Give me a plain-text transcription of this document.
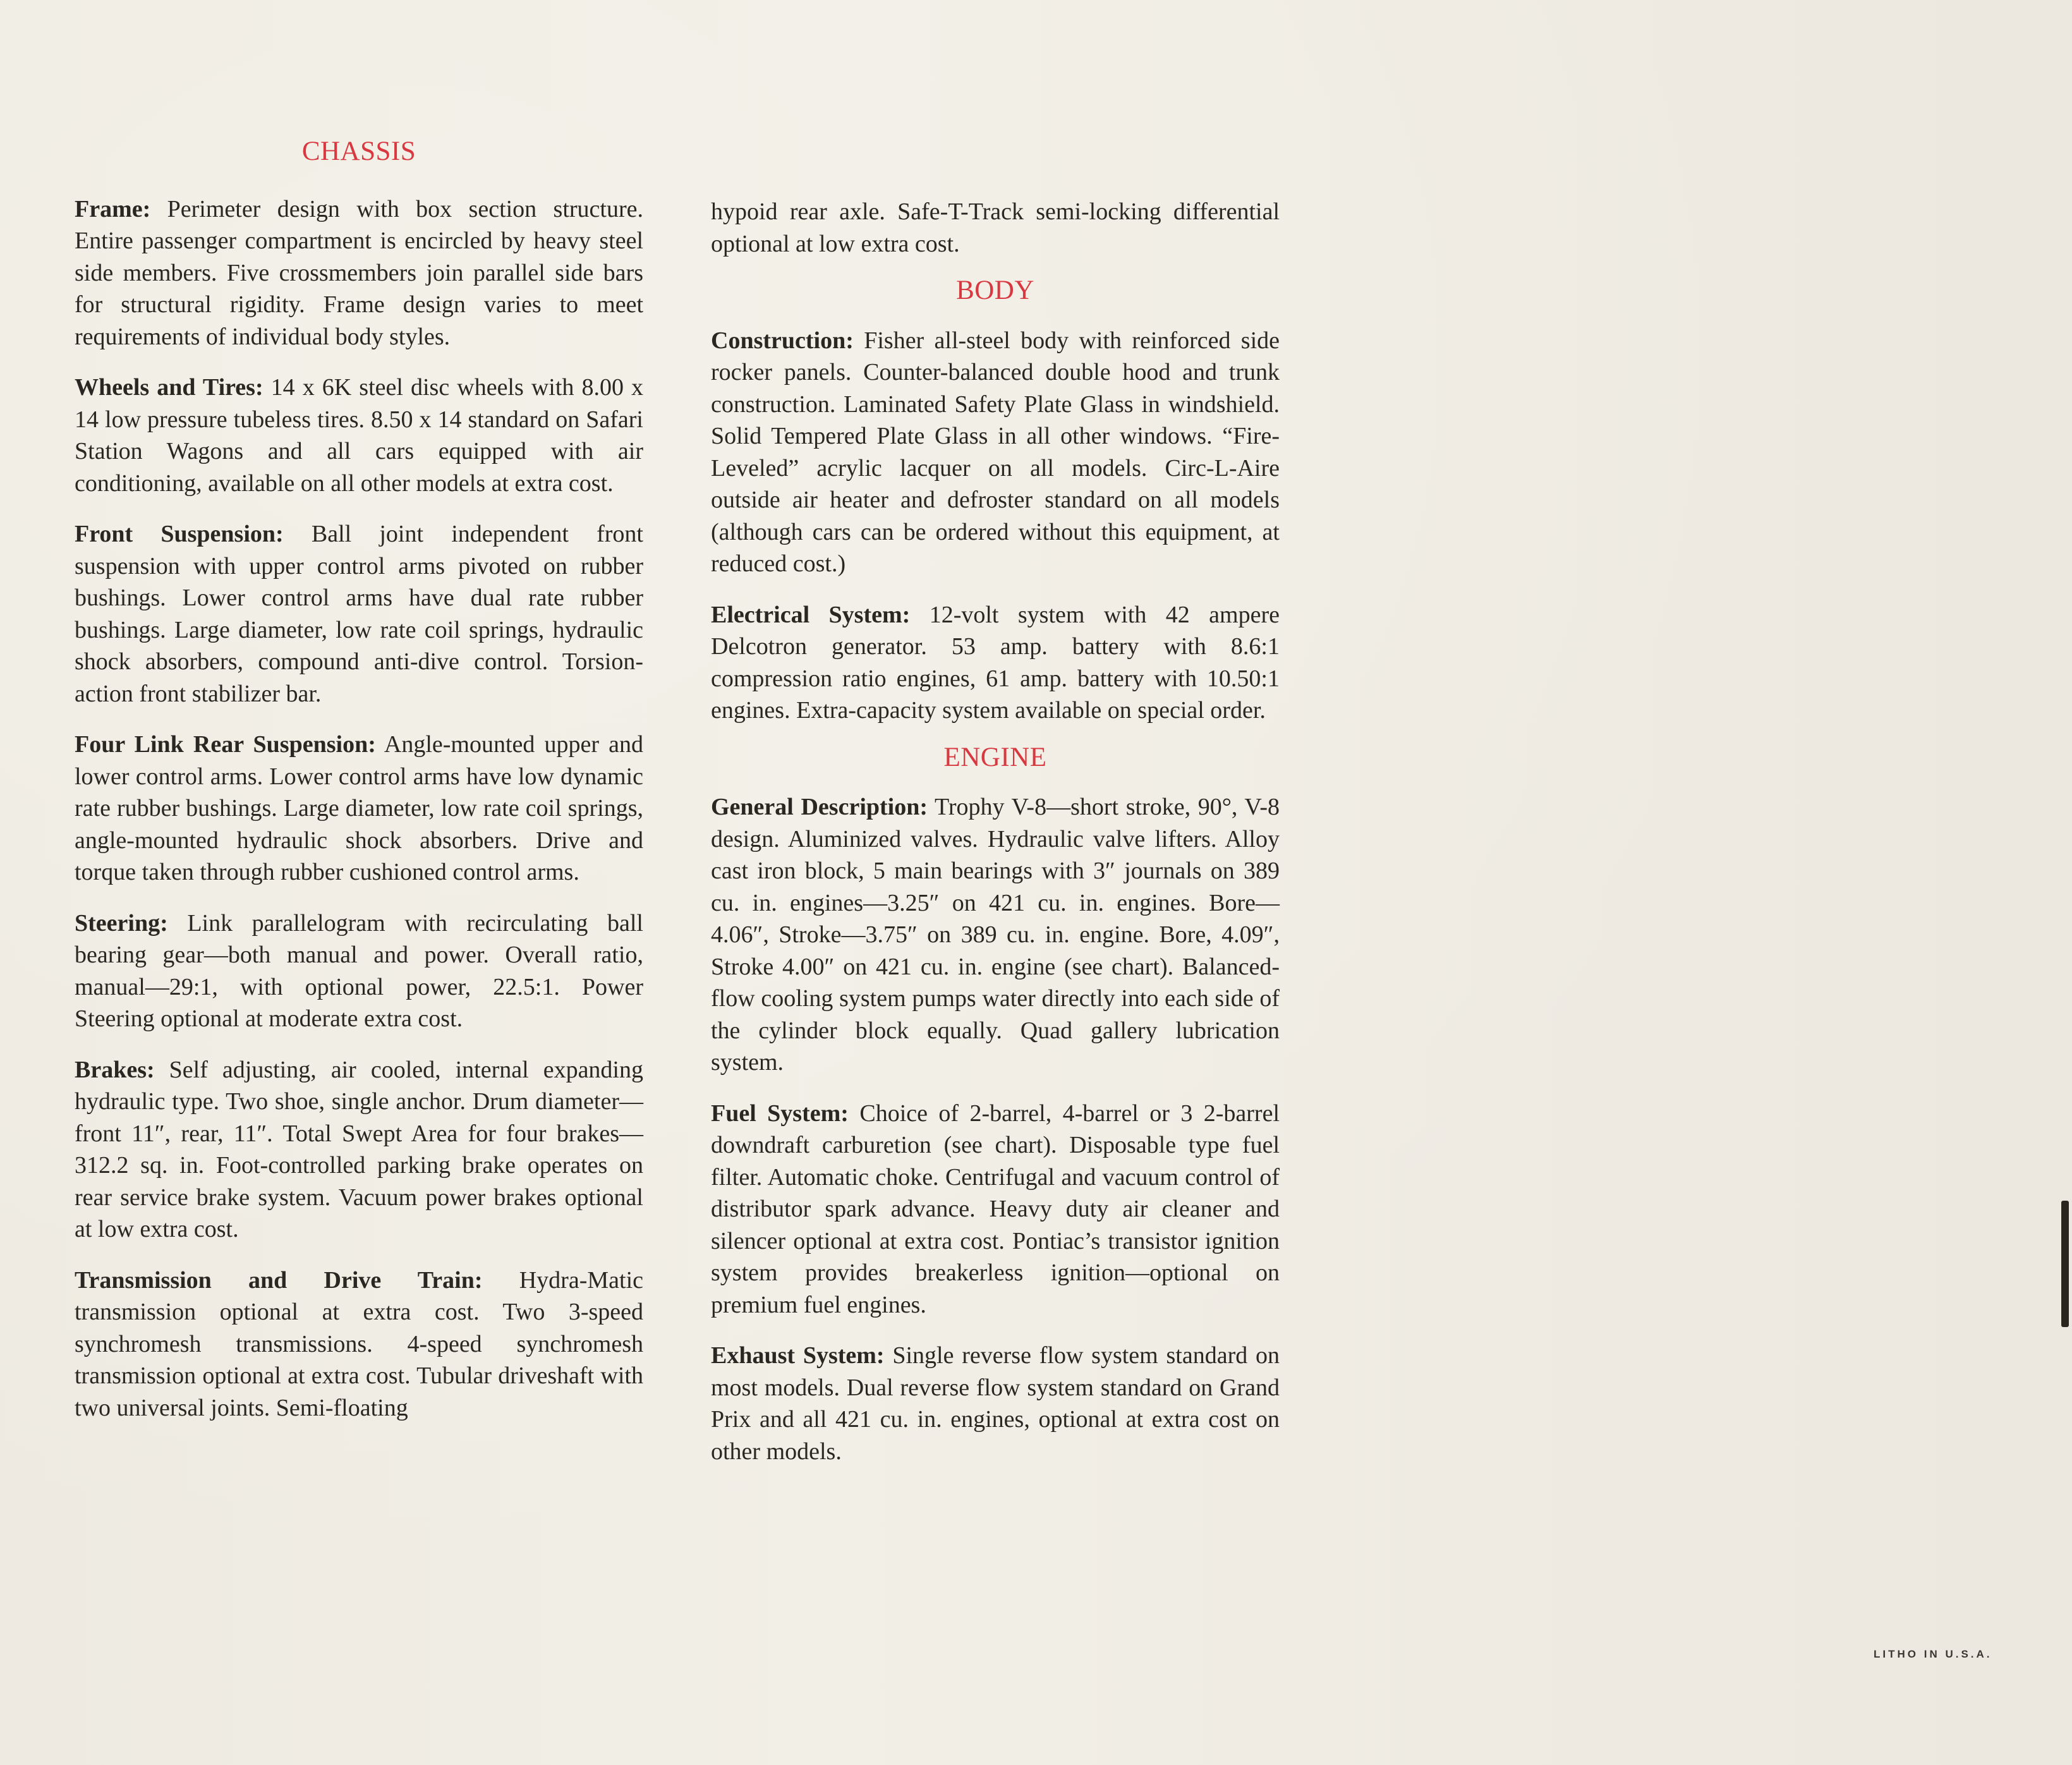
CHASSIS

Frame: Perimeter design with box section structure. Entire passenger compartment is encircled by heavy steel side members. Five crossmembers join parallel side bars for structural rigidity. Frame design varies to meet requirements of individual body styles.

Wheels and Tires: 14 x 6K steel disc wheels with 8.00 x 14 low pressure tubeless tires. 8.50 x 14 standard on Safari Station Wagons and all cars equipped with air conditioning, available on all other models at extra cost.

Front Suspension: Ball joint independent front suspension with upper control arms pivoted on rubber bushings. Lower control arms have dual rate rubber bushings. Large diameter, low rate coil springs, hydraulic shock absorbers, compound anti-dive control. Torsion-action front stabilizer bar.

Four Link Rear Suspension: Angle-mounted upper and lower control arms. Lower control arms have low dynamic rate rubber bushings. Large diameter, low rate coil springs, angle-mounted hydraulic shock absorbers. Drive and torque taken through rubber cushioned control arms.

Steering: Link parallelogram with recirculating ball bearing gear—both manual and power. Overall ratio, manual—29:1, with optional power, 22.5:1. Power Steering optional at moderate extra cost.

Brakes: Self adjusting, air cooled, internal expanding hydraulic type. Two shoe, single anchor. Drum diameter—front 11″, rear, 11″. Total Swept Area for four brakes—312.2 sq. in. Foot-controlled parking brake operates on rear service brake system. Vacuum power brakes optional at low extra cost.

Transmission and Drive Train: Hydra-Matic transmission optional at extra cost. Two 3-speed synchromesh transmissions. 4-speed synchromesh transmission optional at extra cost. Tubular driveshaft with two universal joints. Semi-floating

hypoid rear axle. Safe-T-Track semi-locking differential optional at low extra cost.

BODY

Construction: Fisher all-steel body with reinforced side rocker panels. Counter-balanced double hood and trunk construction. Laminated Safety Plate Glass in windshield. Solid Tempered Plate Glass in all other windows. “Fire-Leveled” acrylic lacquer on all models. Circ-L-Aire outside air heater and defroster standard on all models (although cars can be ordered without this equipment, at reduced cost.)

Electrical System: 12-volt system with 42 ampere Delcotron generator. 53 amp. battery with 8.6:1 compression ratio engines, 61 amp. battery with 10.50:1 engines. Extra-capacity system available on special order.

ENGINE

General Description: Trophy V-8—short stroke, 90°, V-8 design. Aluminized valves. Hydraulic valve lifters. Alloy cast iron block, 5 main bearings with 3″ journals on 389 cu. in. engines—3.25″ on 421 cu. in. engines. Bore—4.06″, Stroke—3.75″ on 389 cu. in. engine. Bore, 4.09″, Stroke 4.00″ on 421 cu. in. engine (see chart). Balanced-flow cooling system pumps water directly into each side of the cylinder block equally. Quad gallery lubrication system.

Fuel System: Choice of 2-barrel, 4-barrel or 3 2-barrel downdraft carburetion (see chart). Disposable type fuel filter. Automatic choke. Centrifugal and vacuum control of distributor spark advance. Heavy duty air cleaner and silencer optional at extra cost. Pontiac’s transistor ignition system provides breakerless ignition—optional on premium fuel engines.

Exhaust System: Single reverse flow system standard on most models. Dual reverse flow system standard on Grand Prix and all 421 cu. in. engines, optional at extra cost on other models.

LITHO IN U.S.A.
